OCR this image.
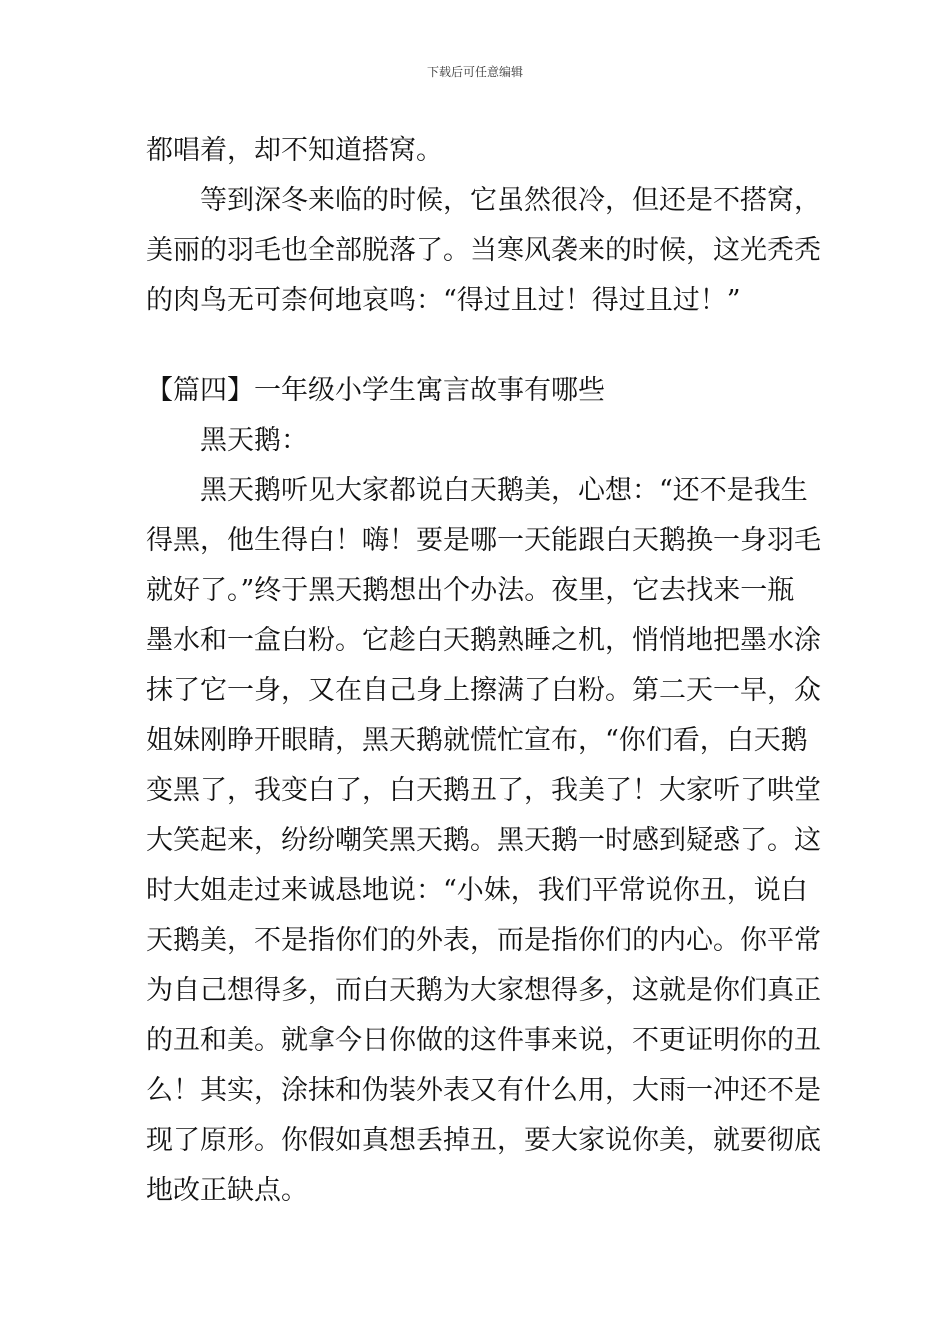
下载后可任意编辑

都唱着，却不知道搭窝。

等到深冬来临的时候，它虽然很冷，但还是不搭窝，

美丽的羽毛也全部脱落了。当寒风袭来的时候，这光秃秃

的肉鸟无可柰何地哀鸣：“得过且过！得过且过！”

【篇四】一年级小学生寓言故事有哪些

黑天鹅：

黑天鹅听见大家都说白天鹅美，心想：“还不是我生

得黑，他生得白！嗨！要是哪一天能跟白天鹅换一身羽毛

就好了。”终于黑天鹅想出个办法。夜里，它去找来一瓶

墨水和一盒白粉。它趁白天鹅熟睡之机，悄悄地把墨水涂

抹了它一身，又在自己身上擦满了白粉。第二天一早，众

姐妹刚睁开眼睛，黑天鹅就慌忙宣布，“你们看，白天鹅

变黑了，我变白了，白天鹅丑了，我美了！大家听了哄堂

大笑起来，纷纷嘲笑黑天鹅。黑天鹅一时感到疑惑了。这

时大姐走过来诚恳地说：“小妹，我们平常说你丑，说白

天鹅美，不是指你们的外表，而是指你们的内心。你平常

为自己想得多，而白天鹅为大家想得多，这就是你们真正

的丑和美。就拿今日你做的这件事来说，不更证明你的丑

么！其实，涂抹和伪装外表又有什么用，大雨一冲还不是

现了原形。你假如真想丢掉丑，要大家说你美，就要彻底

地改正缺点。
